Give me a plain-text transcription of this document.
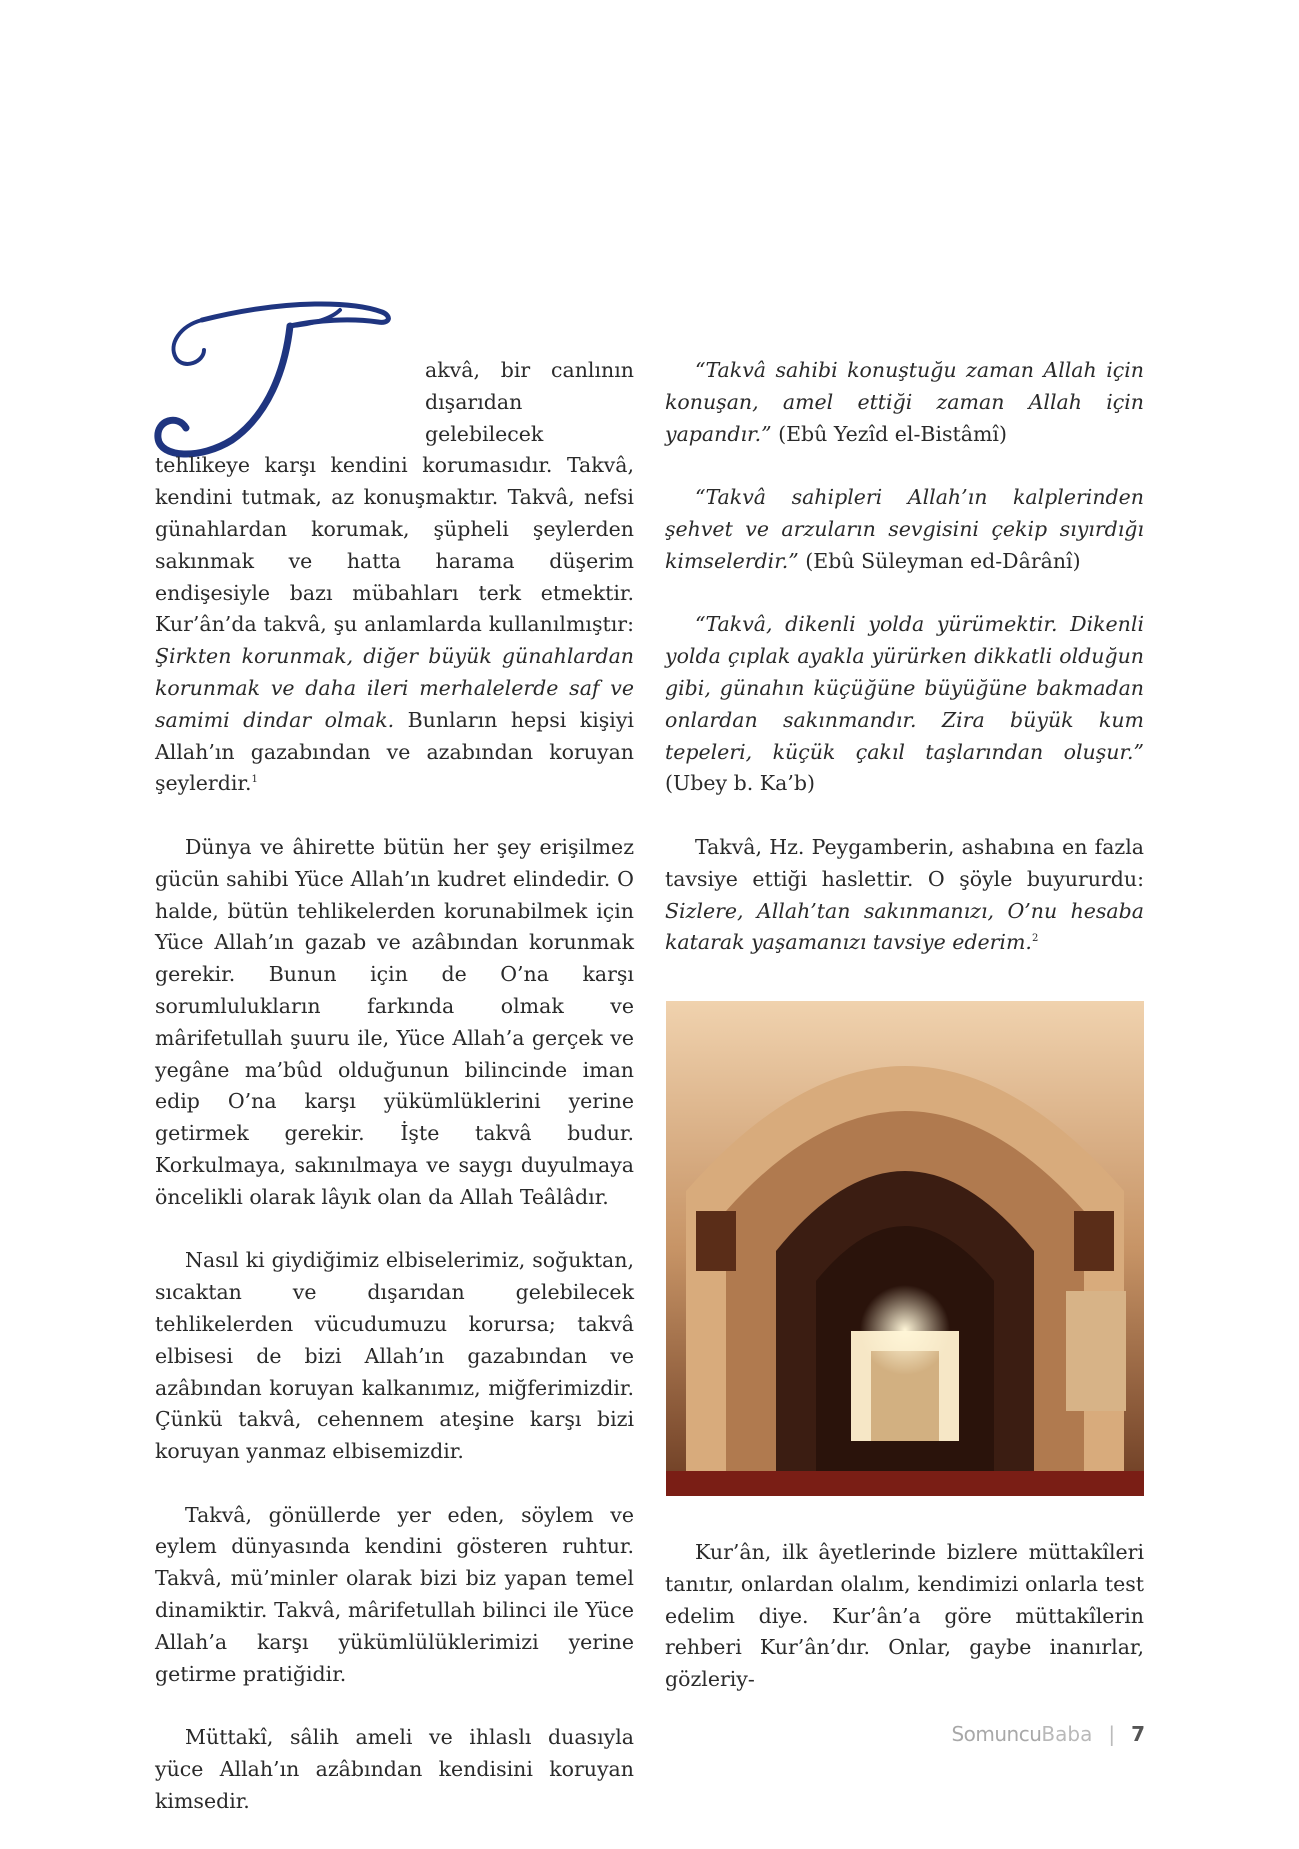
akvâ, bir canlının dışarıdan gelebilecek tehlikeye karşı kendini korumasıdır. Takvâ, kendini tutmak, az konuşmaktır. Takvâ, nefsi günahlardan korumak, şüpheli şeylerden sakınmak ve hatta harama düşerim endişesiyle bazı mübahları terk etmektir. Kur’ân’da takvâ, şu anlamlarda kullanılmıştır: Şirkten korunmak, diğer büyük günahlardan korunmak ve daha ileri merhalelerde saf ve samimi dindar olmak. Bunların hepsi kişiyi Allah’ın gazabından ve azabından koruyan şeylerdir.$^1$

Dünya ve âhirette bütün her şey erişilmez gücün sahibi Yüce Allah’ın kudret elindedir. O halde, bütün tehlikelerden korunabilmek için Yüce Allah’ın gazab ve azâbından korunmak gerekir. Bunun için de O’na karşı sorumlulukların farkında olmak ve mârifetullah şuuru ile, Yüce Allah’a gerçek ve yegâne ma’bûd olduğunun bilincinde iman edip O’na karşı yükümlüklerini yerine getirmek gerekir. İşte takvâ budur. Korkulmaya, sakınılmaya ve saygı duyulmaya öncelikli olarak lâyık olan da Allah Teâlâdır.

Nasıl ki giydiğimiz elbiselerimiz, soğuktan, sıcaktan ve dışarıdan gelebilecek tehlikelerden vücudumuzu korursa; takvâ elbisesi de bizi Allah’ın gazabından ve azâbından koruyan kalkanımız, miğferimizdir. Çünkü takvâ, cehennem ateşine karşı bizi koruyan yanmaz elbisemizdir.

Takvâ, gönüllerde yer eden, söylem ve eylem dünyasında kendini gösteren ruhtur. Takvâ, mü’minler olarak bizi biz yapan temel dinamiktir. Takvâ, mârifetullah bilinci ile Yüce Allah’a karşı yükümlülüklerimizi yerine getirme pratiğidir.

Müttakî, sâlih ameli ve ihlaslı duasıyla yüce Allah’ın azâbından kendisini koruyan kimsedir.

“Takvâ sahibi konuştuğu zaman Allah için konuşan, amel ettiği zaman Allah için yapandır.” (Ebû Yezîd el-Bistâmî)

“Takvâ sahipleri Allah’ın kalplerinden şehvet ve arzuların sevgisini çekip sıyırdığı kimselerdir.” (Ebû Süleyman ed-Dârânî)

“Takvâ, dikenli yolda yürümektir. Dikenli yolda çıplak ayakla yürürken dikkatli olduğun gibi, günahın küçüğüne büyüğüne bakmadan onlardan sakınmandır. Zira büyük kum tepeleri, küçük çakıl taşlarından oluşur.” (Ubey b. Ka’b)

Takvâ, Hz. Peygamberin, ashabına en fazla tavsiye ettiği haslettir. O şöyle buyururdu: Sizlere, Allah’tan sakınmanızı, O’nu hesaba katarak yaşamanızı tavsiye ederim.$^2$

Kur’ân, ilk âyetlerinde bizlere müttakîleri tanıtır, onlardan olalım, kendimizi onlarla test edelim diye. Kur’ân’a göre müttakîlerin rehberi Kur’ân’dır. Onlar, gaybe inanırlar, gözleriy-

SomuncuBaba | 7
